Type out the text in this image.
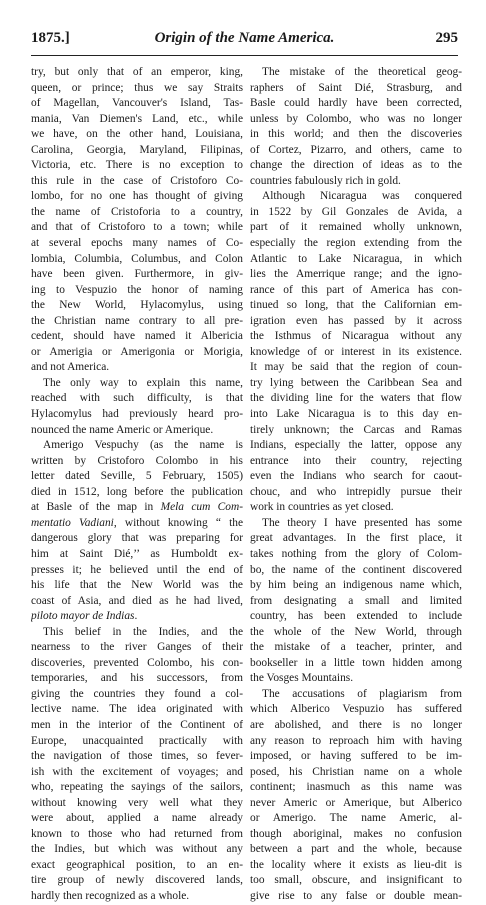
1875.]	Origin of the Name America.	295
try, but only that of an emperor, king,
queen, or prince; thus we say Straits
of Magellan, Vancouver's Island, Tas-
mania, Van Diemen's Land, etc., while
we have, on the other hand, Louisiana,
Carolina, Georgia, Maryland, Filipinas,
Victoria, etc. There is no exception to
this rule in the case of Cristoforo Co-
lombo, for no one has thought of giving
the name of Cristoforia to a country,
and that of Cristoforo to a town; while
at several epochs many names of Co-
lombia, Columbia, Columbus, and Colon
have been given. Furthermore, in giv-
ing to Vespuzio the honor of naming
the New World, Hylacomylus, using
the Christian name contrary to all pre-
cedent, should have named it Albericia
or Amerigia or Amerigonia or Morigia,
and not America.
The only way to explain this name,
reached with such difficulty, is that
Hylacomylus had previously heard pro-
nounced the name Americ or Amerique.
Amerigo Vespuchy (as the name is
written by Cristoforo Colombo in his
letter dated Seville, 5 February, 1505)
died in 1512, long before the publication
at Basle of the map in Mela cum Com-
mentatio Vadiani, without knowing “ the
dangerous glory that was preparing for
him at Saint Dié,’’ as Humboldt ex-
presses it; he believed until the end of
his life that the New World was the
coast of Asia, and died as he had lived,
piloto mayor de Indias.
This belief in the Indies, and the
nearness to the river Ganges of their
discoveries, prevented Colombo, his con-
temporaries, and his successors, from
giving the countries they found a col-
lective name. The idea originated with
men in the interior of the Continent of
Europe, unacquainted practically with
the navigation of those times, so fever-
ish with the excitement of voyages; and
who, repeating the sayings of the sailors,
without knowing very well what they
were about, applied a name already
known to those who had returned from
the Indies, but which was without any
exact geographical position, to an en-
tire group of newly discovered lands,
hardly then recognized as a whole.
The mistake of the theoretical geog-
raphers of Saint Dié, Strasburg, and
Basle could hardly have been corrected,
unless by Colombo, who was no longer
in this world; and then the discoveries
of Cortez, Pizarro, and others, came to
change the direction of ideas as to the
countries fabulously rich in gold.
Although Nicaragua was conquered
in 1522 by Gil Gonzales de Avida, a
part of it remained wholly unknown,
especially the region extending from the
Atlantic to Lake Nicaragua, in which
lies the Amerrique range; and the igno-
rance of this part of America has con-
tinued so long, that the Californian em-
igration even has passed by it across
the Isthmus of Nicaragua without any
knowledge of or interest in its existence.
It may be said that the region of coun-
try lying between the Caribbean Sea and
the dividing line for the waters that flow
into Lake Nicaragua is to this day en-
tirely unknown; the Carcas and Ramas
Indians, especially the latter, oppose any
entrance into their country, rejecting
even the Indians who search for caout-
chouc, and who intrepidly pursue their
work in countries as yet closed.
The theory I have presented has some
great advantages. In the first place, it
takes nothing from the glory of Colom-
bo, the name of the continent discovered
by him being an indigenous name which,
from designating a small and limited
country, has been extended to include
the whole of the New World, through
the mistake of a teacher, printer, and
bookseller in a little town hidden among
the Vosges Mountains.
The accusations of plagiarism from
which Alberico Vespuzio has suffered
are abolished, and there is no longer
any reason to reproach him with having
imposed, or having suffered to be im-
posed, his Christian name on a whole
continent; inasmuch as this name was
never Americ or Amerique, but Alberico
or Amerigo. The name Americ, al-
though aboriginal, makes no confusion
between a part and the whole, because
the locality where it exists as lieu-dit is
too small, obscure, and insignificant to
give rise to any false or double mean-
